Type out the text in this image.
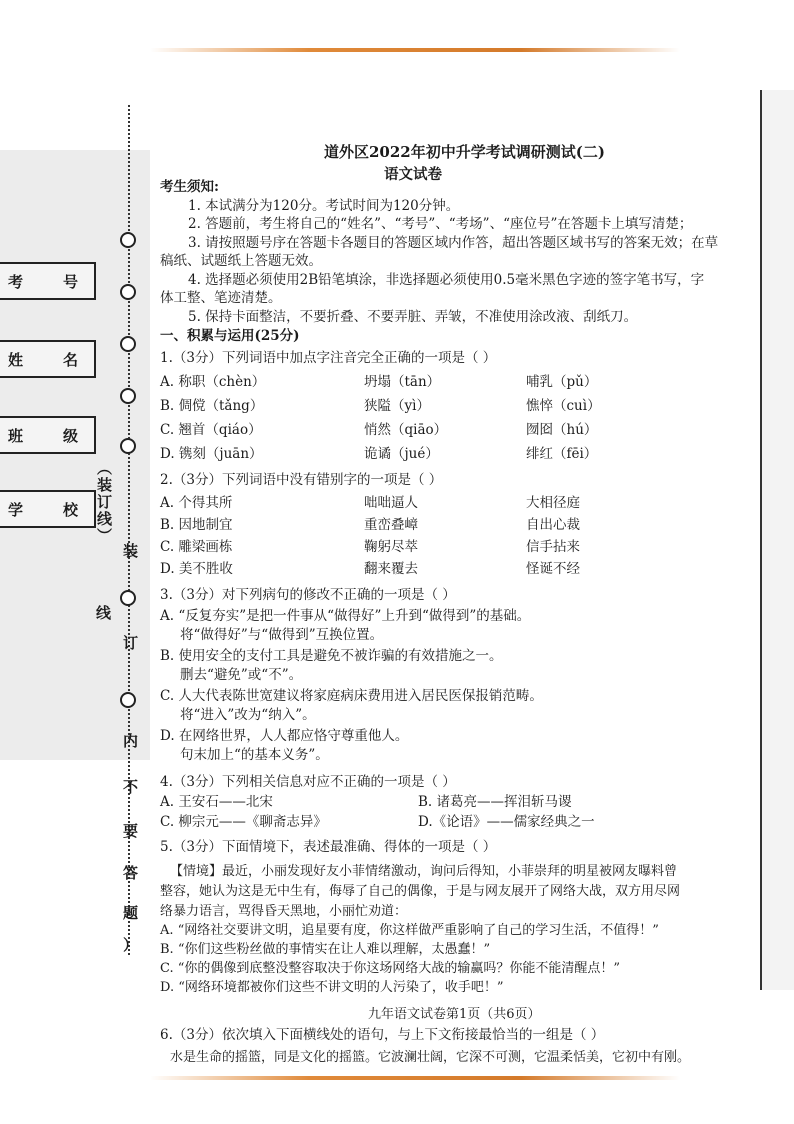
考	号
姓	名
班	级
学	校 （装订线）
装
订
线
内
不
要
答
题
）
道外区2022年初中升学考试调研测试(二)
语文试卷
考生须知:
1. 本试满分为120分。考试时间为120分钟。
2. 答题前，考生将自己的“姓名”、“考号”、“考场”、“座位号”在答题卡上填写清楚；
3. 请按照题号序在答题卡各题目的答题区域内作答，超出答题区域书写的答案无效；在草
稿纸、试题纸上答题无效。
4. 选择题必须使用2B铅笔填涂，非选择题必须使用0.5毫米黑色字迹的签字笔书写，字
体工整、笔迹清楚。
5. 保持卡面整洁，不要折叠、不要弄脏、弄皱，不准使用涂改液、刮纸刀。
一、积累与运用(25分)
1.（3分）下列词语中加点字注音完全正确的一项是（ ）
A. 称职（chèn）	坍塌（tān）	哺乳（pǔ）
B. 倜傥（tǎng）	狭隘（yì）	憔悴（cuì）
C. 翘首（qiáo）	悄然（qiāo）	囫囵（hú）
D. 镌刻（juān）	诡谲（jué）	绯红（fēi）
2.（3分）下列词语中没有错别字的一项是（ ）
A. 个得其所	咄咄逼人	大相径庭
B. 因地制宜	重峦叠嶂	自出心裁
C. 雕梁画栋	鞠躬尽萃	信手拈来
D. 美不胜收	翻来覆去	怪诞不经
3.（3分）对下列病句的修改不正确的一项是（ ）
A. “反复夯实”是把一件事从“做得好”上升到“做得到”的基础。
将“做得好”与“做得到”互换位置。
B. 使用安全的支付工具是避免不被诈骗的有效措施之一。
删去“避免”或“不”。
C. 人大代表陈世宽建议将家庭病床费用进入居民医保报销范畴。
将“进入”改为“纳入”。
D. 在网络世界，人人都应恪守尊重他人。
句末加上“的基本义务”。
4.（3分）下列相关信息对应不正确的一项是（ ）
A. 王安石——北宋	B. 诸葛亮——挥泪斩马谡
C. 柳宗元——《聊斋志异》	D.《论语》——儒家经典之一
5.（3分）下面情境下，表述最准确、得体的一项是（ ）
【情境】最近，小丽发现好友小菲情绪激动，询问后得知，小菲崇拜的明星被网友曝料曾
整容，她认为这是无中生有，侮辱了自己的偶像，于是与网友展开了网络大战，双方用尽网
络暴力语言，骂得昏天黑地，小丽忙劝道：
A. “网络社交要讲文明，追星要有度，你这样做严重影响了自己的学习生活，不值得！”
B. “你们这些粉丝做的事情实在让人难以理解，太愚蠢！”
C. “你的偶像到底整没整容取决于你这场网络大战的输赢吗？你能不能清醒点！”
D. “网络环境都被你们这些不讲文明的人污染了，收手吧！”
6.（3分）依次填入下面横线处的语句，与上下文衔接最恰当的一组是（ ）
水是生命的摇篮，同是文化的摇篮。它波澜壮阔，它深不可测，它温柔恬美，它初中有刚。
九年语文试卷第1页（共6页）
